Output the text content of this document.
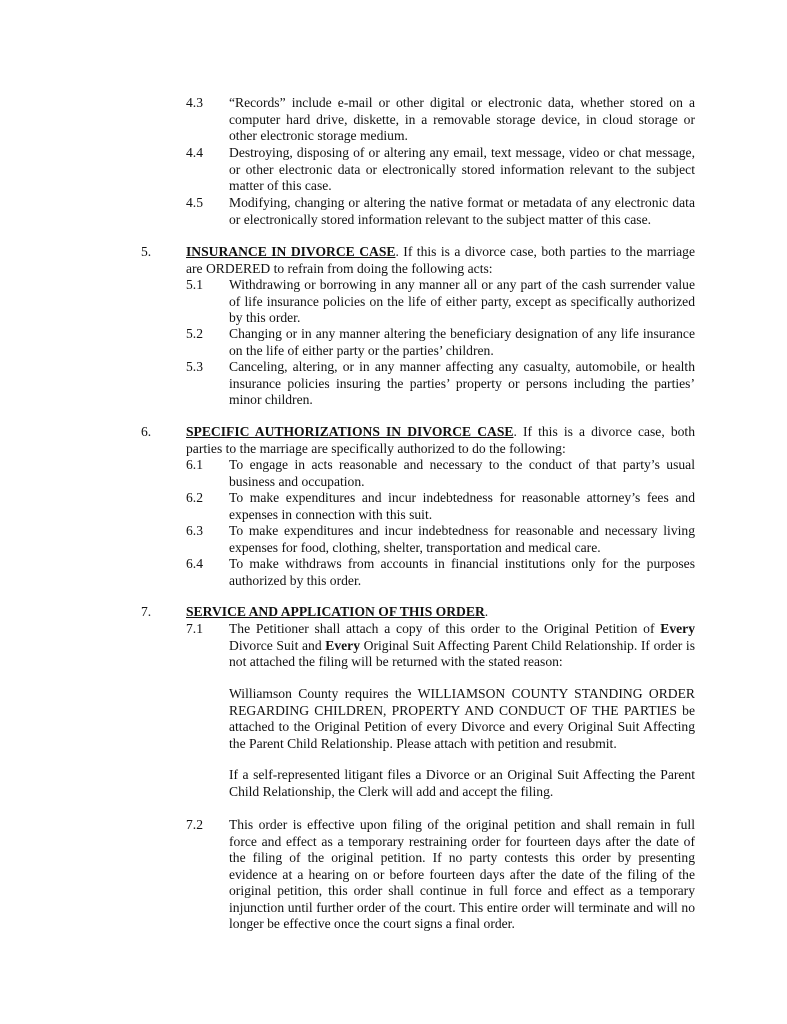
4.3 “Records” include e-mail or other digital or electronic data, whether stored on a computer hard drive, diskette, in a removable storage device, in cloud storage or other electronic storage medium.
4.4 Destroying, disposing of or altering any email, text message, video or chat message, or other electronic data or electronically stored information relevant to the subject matter of this case.
4.5 Modifying, changing or altering the native format or metadata of any electronic data or electronically stored information relevant to the subject matter of this case.
5.	INSURANCE IN DIVORCE CASE. If this is a divorce case, both parties to the marriage are ORDERED to refrain from doing the following acts:
5.1 Withdrawing or borrowing in any manner all or any part of the cash surrender value of life insurance policies on the life of either party, except as specifically authorized by this order.
5.2 Changing or in any manner altering the beneficiary designation of any life insurance on the life of either party or the parties’ children.
5.3 Canceling, altering, or in any manner affecting any casualty, automobile, or health insurance policies insuring the parties’ property or persons including the parties’ minor children.
6.	SPECIFIC AUTHORIZATIONS IN DIVORCE CASE. If this is a divorce case, both parties to the marriage are specifically authorized to do the following:
6.1 To engage in acts reasonable and necessary to the conduct of that party’s usual business and occupation.
6.2 To make expenditures and incur indebtedness for reasonable attorney’s fees and expenses in connection with this suit.
6.3 To make expenditures and incur indebtedness for reasonable and necessary living expenses for food, clothing, shelter, transportation and medical care.
6.4 To make withdraws from accounts in financial institutions only for the purposes authorized by this order.
7.	SERVICE AND APPLICATION OF THIS ORDER.
7.1 The Petitioner shall attach a copy of this order to the Original Petition of Every Divorce Suit and Every Original Suit Affecting Parent Child Relationship. If order is not attached the filing will be returned with the stated reason:
Williamson County requires the WILLIAMSON COUNTY STANDING ORDER REGARDING CHILDREN, PROPERTY AND CONDUCT OF THE PARTIES be attached to the Original Petition of every Divorce and every Original Suit Affecting the Parent Child Relationship. Please attach with petition and resubmit.
If a self-represented litigant files a Divorce or an Original Suit Affecting the Parent Child Relationship, the Clerk will add and accept the filing.
7.2 This order is effective upon filing of the original petition and shall remain in full force and effect as a temporary restraining order for fourteen days after the date of the filing of the original petition. If no party contests this order by presenting evidence at a hearing on or before fourteen days after the date of the filing of the original petition, this order shall continue in full force and effect as a temporary injunction until further order of the court. This entire order will terminate and will no longer be effective once the court signs a final order.
